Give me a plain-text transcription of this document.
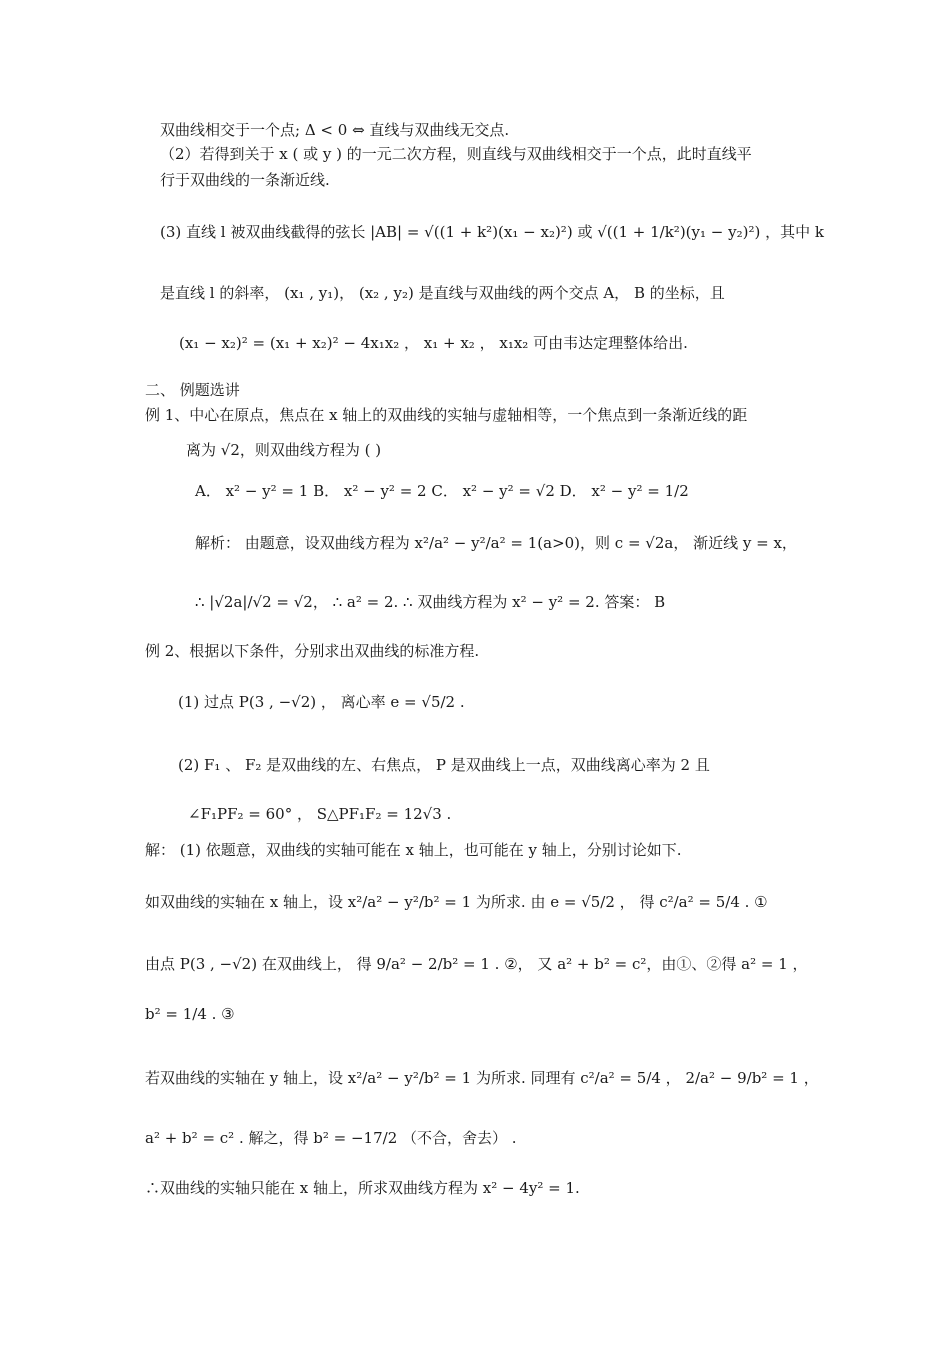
双曲线相交于一个点; Δ < 0 ⇔ 直线与双曲线无交点.
（2）若得到关于 x ( 或 y ) 的一元二次方程，则直线与双曲线相交于一个点，此时直线平
行于双曲线的一条渐近线.
(3) 直线 l 被双曲线截得的弦长 |AB| = √((1 + k²)(x₁ − x₂)²) 或 √((1 + 1/k²)(y₁ − y₂)²) ，其中 k
是直线 l 的斜率， (x₁ , y₁)， (x₂ , y₂) 是直线与双曲线的两个交点 A， B 的坐标，且
(x₁ − x₂)² = (x₁ + x₂)² − 4x₁x₂ ， x₁ + x₂ ， x₁x₂ 可由韦达定理整体给出.
二、 例题选讲
例 1、中心在原点，焦点在 x 轴上的双曲线的实轴与虚轴相等，一个焦点到一条渐近线的距
离为 √2，则双曲线方程为 ( )
A． x² − y² = 1 B． x² − y² = 2 C． x² − y² = √2 D． x² − y² = 1/2
解析： 由题意，设双曲线方程为 x²/a² − y²/a² = 1(a>0)，则 c = √2a， 渐近线 y = x，
∴ |√2a|/√2 = √2， ∴ a² = 2. ∴ 双曲线方程为 x² − y² = 2. 答案： B
例 2、根据以下条件，分别求出双曲线的标准方程.
(1) 过点 P(3 , −√2) ， 离心率 e = √5/2 .
(2) F₁ 、 F₂ 是双曲线的左、右焦点， P 是双曲线上一点，双曲线离心率为 2 且
∠F₁PF₂ = 60° ， S△PF₁F₂ = 12√3 .
解： (1) 依题意，双曲线的实轴可能在 x 轴上，也可能在 y 轴上，分别讨论如下.
如双曲线的实轴在 x 轴上，设 x²/a² − y²/b² = 1 为所求. 由 e = √5/2 ， 得 c²/a² = 5/4 . ①
由点 P(3 , −√2) 在双曲线上， 得 9/a² − 2/b² = 1 . ②， 又 a² + b² = c²，由①、②得 a² = 1 ，
b² = 1/4 . ③
若双曲线的实轴在 y 轴上，设 x²/a² − y²/b² = 1 为所求. 同理有 c²/a² = 5/4 ， 2/a² − 9/b² = 1 ，
a² + b² = c² . 解之，得 b² = −17/2 （不合，舍去） .
∴双曲线的实轴只能在 x 轴上，所求双曲线方程为 x² − 4y² = 1.
